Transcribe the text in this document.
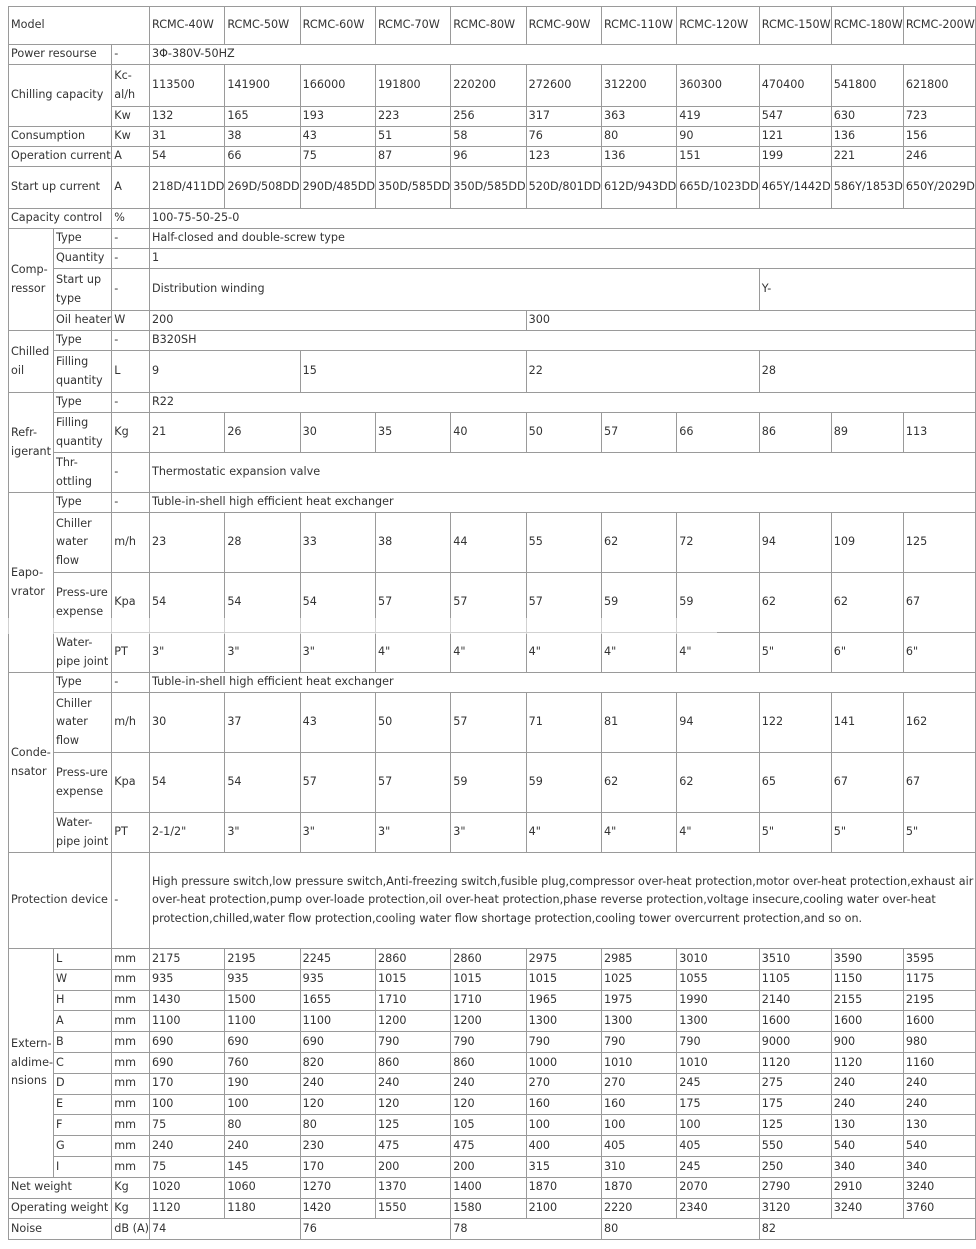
Model			RCMC-40W	RCMC-50W	RCMC-60W	RCMC-70W	RCMC-80W	RCMC-90W	RCMC-110W	RCMC-120W	RCMC-150W	RCMC-180W	RCMC-200W
Power resourse		-	3Φ-380V-50HZ										
Chilling capacity		Kc-al/h	113500	141900	166000	191800	220200	272600	312200	360300	470400	541800	621800
		Kw	132	165	193	223	256	317	363	419	547	630	723
Consumption		Kw	31	38	43	51	58	76	80	90	121	136	156
Operation current		A	54	66	75	87	96	123	136	151	199	221	246
Start up current		A	218D/411DD	269D/508DD	290D/485DD	350D/585DD	350D/585DD	520D/801DD	612D/943DD	665D/1023DD	465Y/1442D	586Y/1853D	650Y/2029D
Capacity control		%	100-75-50-25-0										
Comp-ressor	Type	-	Half-closed and double-screw type										
	Quantity	-	1										
	Start up type	-	Distribution winding								Y-		
	Oil heater	W	200					300					
Chilled oil	Type	-	B320SH										
	Filling quantity	L	9		15			22			28		
Refr-igerant	Type	-	R22										
	Filling quantity	Kg	21	26	30	35	40	50	57	66	86	89	113
	Thr-ottling	-	Thermostatic expansion valve										
Eapo-vrator	Type	-	Tuble-in-shell high efficient heat exchanger										
	Chiller water flow	m/h	23	28	33	38	44	55	62	72	94	109	125
	Press-ure expense	Kpa	54	54	54	57	57	57	59	59	62	62	67
	Water-pipe joint	PT	3"	3"	3"	4"	4"	4"	4"	4"	5"	6"	6"
Conde-nsator	Type	-	Tuble-in-shell high efficient heat exchanger										
	Chiller water flow	m/h	30	37	43	50	57	71	81	94	122	141	162
	Press-ure expense	Kpa	54	54	57	57	59	59	62	62	65	67	67
	Water-pipe joint	PT	2-1/2"	3"	3"	3"	3"	4"	4"	4"	5"	5"	5"
Protection device		-	High pressure switch,low pressure switch,Anti-freezing switch,fusible plug,compressor over-heat protection,motor over-heat protection,exhaust air over-heat protection,pump over-loade protection,oil over-heat protection,phase reverse protection,voltage insecure,cooling water over-heat protection,chilled,water flow protection,cooling water flow shortage protection,cooling tower overcurrent protection,and so on.										
Extern-aldime-nsions	L	mm	2175	2195	2245	2860	2860	2975	2985	3010	3510	3590	3595
	W	mm	935	935	935	1015	1015	1015	1025	1055	1105	1150	1175
	H	mm	1430	1500	1655	1710	1710	1965	1975	1990	2140	2155	2195
	A	mm	1100	1100	1100	1200	1200	1300	1300	1300	1600	1600	1600
	B	mm	690	690	690	790	790	790	790	790	9000	900	980
	C	mm	690	760	820	860	860	1000	1010	1010	1120	1120	1160
	D	mm	170	190	240	240	240	270	270	245	275	240	240
	E	mm	100	100	120	120	120	160	160	175	175	240	240
	F	mm	75	80	80	125	105	100	100	100	125	130	130
	G	mm	240	240	230	475	475	400	405	405	550	540	540
	I	mm	75	145	170	200	200	315	310	245	250	340	340
Net weight		Kg	1020	1060	1270	1370	1400	1870	1870	2070	2790	2910	3240
Operating weight		Kg	1120	1180	1420	1550	1580	2100	2220	2340	3120	3240	3760
Noise		dB (A)	74		76		78		80		82		
